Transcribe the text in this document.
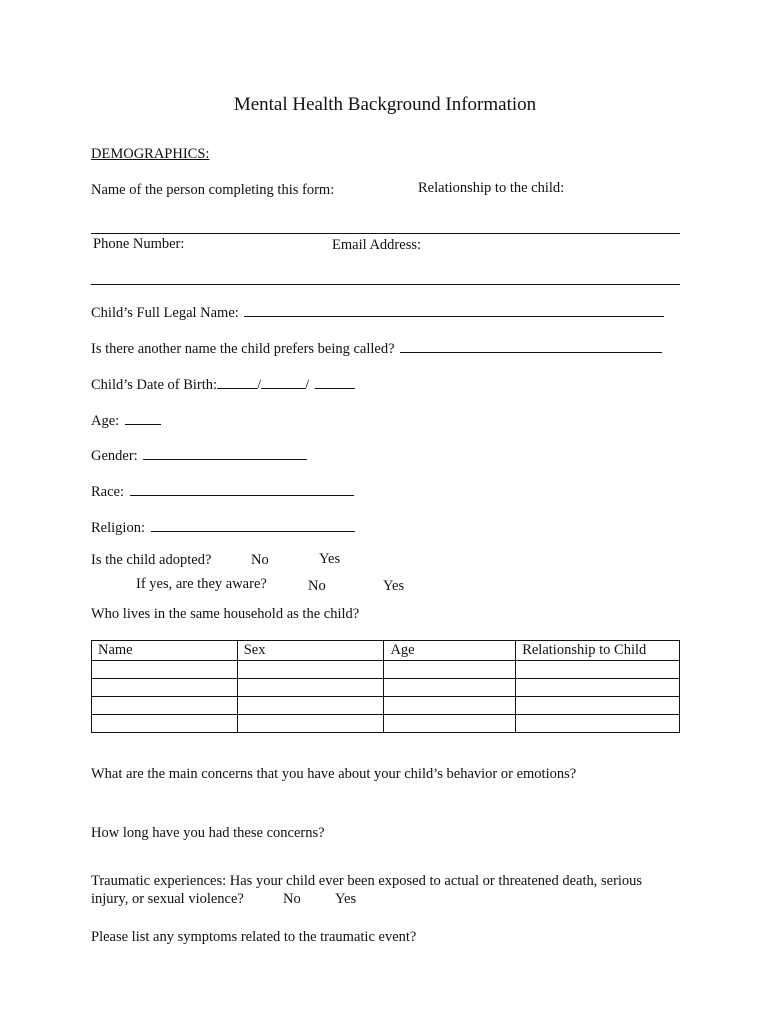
Mental Health Background Information
DEMOGRAPHICS:
Name of the person completing this form:	Relationship to the child:
Phone Number:	Email Address:
Child’s Full Legal Name:
Is there another name the child prefers being called?
Child’s Date of Birth:	/	/
Age:
Gender:
Race:
Religion:
Is the child adopted?	No	Yes
If yes, are they aware?	No	Yes
Who lives in the same household as the child?
Name	Sex	Age	Relationship to Child

What are the main concerns that you have about your child’s behavior or emotions?
How long have you had these concerns?
Traumatic experiences: Has your child ever been exposed to actual or threatened death, serious
injury, or sexual violence?	No Yes
Please list any symptoms related to the traumatic event?
